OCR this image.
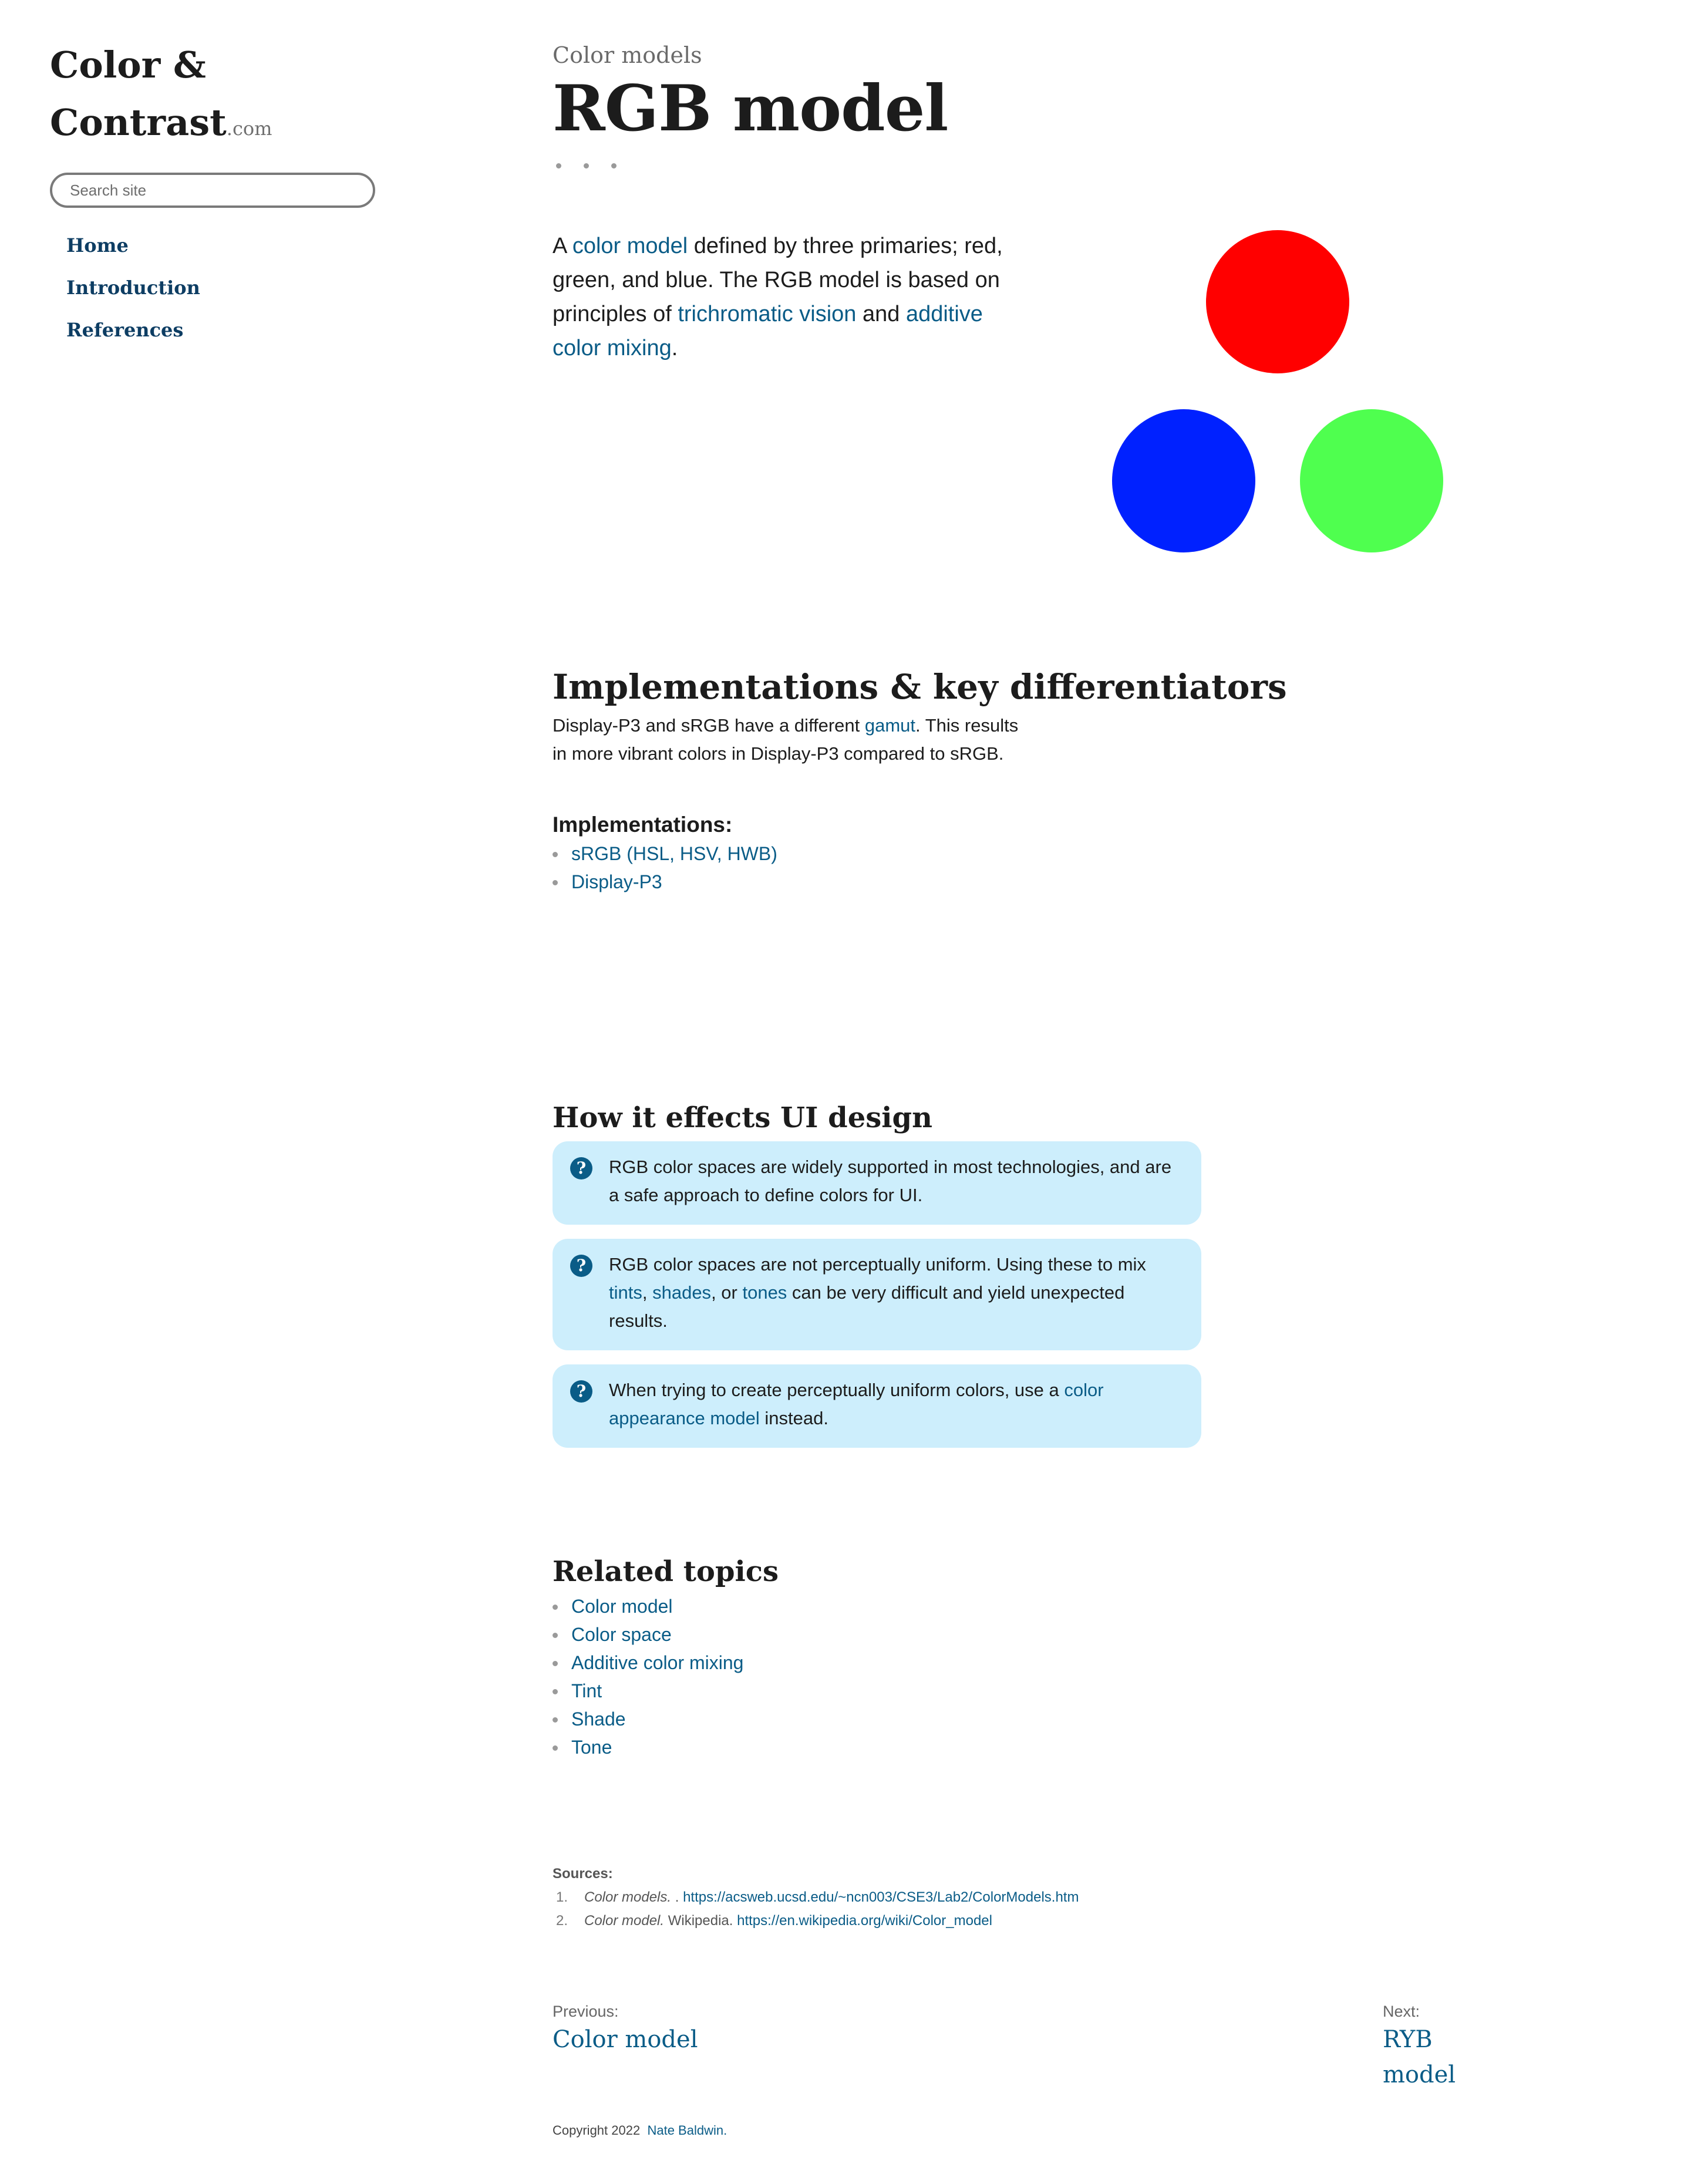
Color &
Contrast.com
Search site
Home
Introduction
References

Color models

RGB model

A color model defined by three primaries; red, green, and blue. The RGB model is based on principles of trichromatic vision and additive color mixing.

Implementations & key differentiators

Display-P3 and sRGB have a different gamut. This results in more vibrant colors in Display-P3 compared to sRGB.

Implementations:
sRGB (HSL, HSV, HWB)
Display-P3
How it effects UI design
?	RGB color spaces are widely supported in most technologies, and are a safe approach to define colors for UI.
?	RGB color spaces are not perceptually uniform. Using these to mix tints, shades, or tones can be very difficult and yield unexpected results.
?	When trying to create perceptually uniform colors, use a color appearance model instead.
Related topics
Color model
Color space
Additive color mixing
Tint
Shade
Tone
Sources:
1. Color models. . https://acsweb.ucsd.edu/~ncn003/CSE3/Lab2/ColorModels.htm
2. Color model. Wikipedia. https://en.wikipedia.org/wiki/Color_model
Previous:
Color model
Next:
RYB model
Copyright 2022 Nate Baldwin.
